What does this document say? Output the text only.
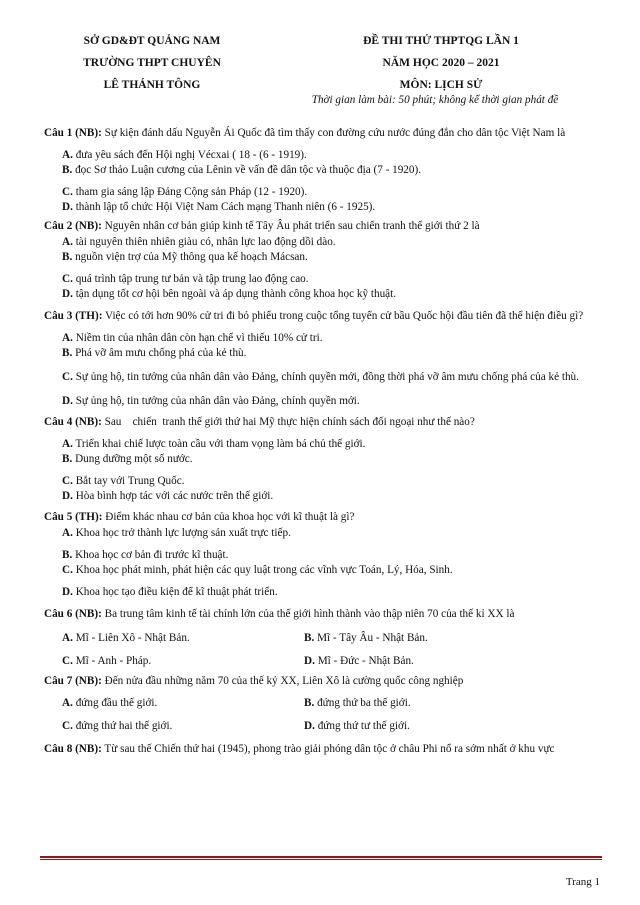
SỞ GD&ĐT QUẢNG NAM
TRƯỜNG THPT CHUYÊN
LÊ THÁNH TÔNG
ĐỀ THI THỬ THPTQG LẦN 1
NĂM HỌC 2020 – 2021
MÔN: LỊCH SỬ
Thời gian làm bài: 50 phút; không kể thời gian phát đề
Câu 1 (NB): Sự kiện đánh dấu Nguyễn Ái Quốc đã tìm thấy con đường cứu nước đúng đắn cho dân tộc Việt Nam là
A. đưa yêu sách đến Hội nghị Vécxai ( 18 - (6 - 1919).
B. đọc Sơ thảo Luận cương của Lênin về vấn đề dân tộc và thuộc địa (7 - 1920).
C. tham gia sáng lập Đảng Cộng sản Pháp (12 - 1920).
D. thành lập tổ chức Hội Việt Nam Cách mạng Thanh niên (6 - 1925).
Câu 2 (NB): Nguyên nhân cơ bản giúp kinh tế Tây Âu phát triển sau chiến tranh thế giới thứ 2 là
A. tài nguyên thiên nhiên giàu có, nhân lực lao động dồi dào.
B. nguồn viện trợ của Mỹ thông qua kế hoạch Mácsan.
C. quá trình tập trung tư bản và tập trung lao động cao.
D. tận dụng tốt cơ hội bên ngoài và áp dụng thành công khoa học kỹ thuật.
Câu 3 (TH): Việc có tới hơn 90% cử tri đi bỏ phiếu trong cuộc tổng tuyển cử bầu Quốc hội đầu tiên đã thể hiện điều gì?
A. Niềm tin của nhân dân còn hạn chế vì thiếu 10% cử tri.
B. Phá vỡ âm mưu chống phá của kẻ thù.
C. Sự ủng hộ, tin tưởng của nhân dân vào Đảng, chính quyền mới, đồng thời phá vỡ âm mưu chống phá của kẻ thù.
D. Sự ủng hộ, tin tưởng của nhân dân vào Đảng, chính quyền mới.
Câu 4 (NB): Sau    chiến  tranh thế giới thứ hai Mỹ thực hiện chính sách đối ngoại như thế nào?
A. Triển khai chiế lược toàn cầu với tham vọng làm bá chủ thế giới.
B. Dung dưỡng một số nước.
C. Bắt tay với Trung Quốc.
D. Hòa bình hợp tác với các nước trên thế giới.
Câu 5 (TH): Điểm khác nhau cơ bản của khoa học với kĩ thuật là gì?
A. Khoa học trở thành lực lượng sản xuất trực tiếp.
B. Khoa học cơ bản đi trước kĩ thuật.
C. Khoa học phát minh, phát hiện các quy luật trong các vĩnh vực Toán, Lý, Hóa, Sinh.
D. Khoa học tạo điều kiện để kĩ thuật phát triển.
Câu 6 (NB): Ba trung tâm kinh tế tài chính lớn của thế giới hình thành vào thập niên 70 của thế kỉ XX là
A. Mĩ - Liên Xô - Nhật Bản.	B. Mĩ - Tây Âu - Nhật Bản.
C. Mĩ - Anh - Pháp.	D. Mĩ - Đức - Nhật Bản.
Câu 7 (NB): Đến nửa đầu những năm 70 của thế kỷ XX, Liên Xô là cường quốc công nghiệp
A. đứng đầu thế giới.	B. đứng thứ ba thế giới.
C. đứng thứ hai thế giới.	D. đứng thứ tư thế giới.
Câu 8 (NB): Từ sau thế Chiến thứ hai (1945), phong trào giải phóng dân tộc ở châu Phi nổ ra sớm nhất ở khu vực
Trang 1
